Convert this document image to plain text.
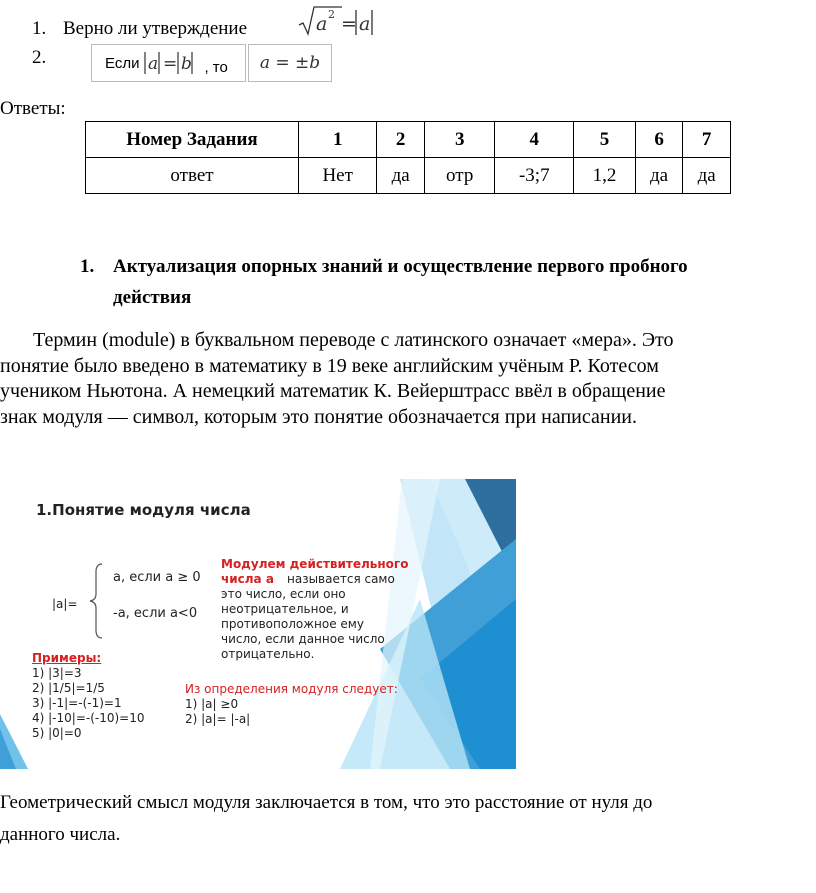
1. Верно ли утверждение	a 2 = a
2.	Если a = b , то a = ±b
Ответы:
Номер Задания	1	2	3	4	5	6	7
ответ	Нет	да	отр	-3;7	1,2	да	да
1. Актуализация опорных знаний и осуществление первого пробного
действия
Термин (module) в буквальном переводе с латинского означает «мера». Это
понятие было введено в математику в 19 веке английским учёным Р. Котесом
учеником Ньютона. А немецкий математик К. Вейерштрасс ввёл в обращение
знак модуля — символ, которым это понятие обозначается при написании.
1.Понятие модуля числа
|a|=
a, если a ≥ 0
-a, если a<0
Модулем действительного числа а	называется само
это число, если оно
неотрицательное, и
противоположное ему
число, если данное число
отрицательно.
Примеры:
1) |3|=3
2) |1/5|=1/5
3) |-1|=-(-1)=1
4) |-10|=-(-10)=10
5) |0|=0
Из определения модуля следует:
1) |a| ≥0
2) |a|= |-a|
Геометрический смысл модуля заключается в том, что это расстояние от нуля до
данного числа.
